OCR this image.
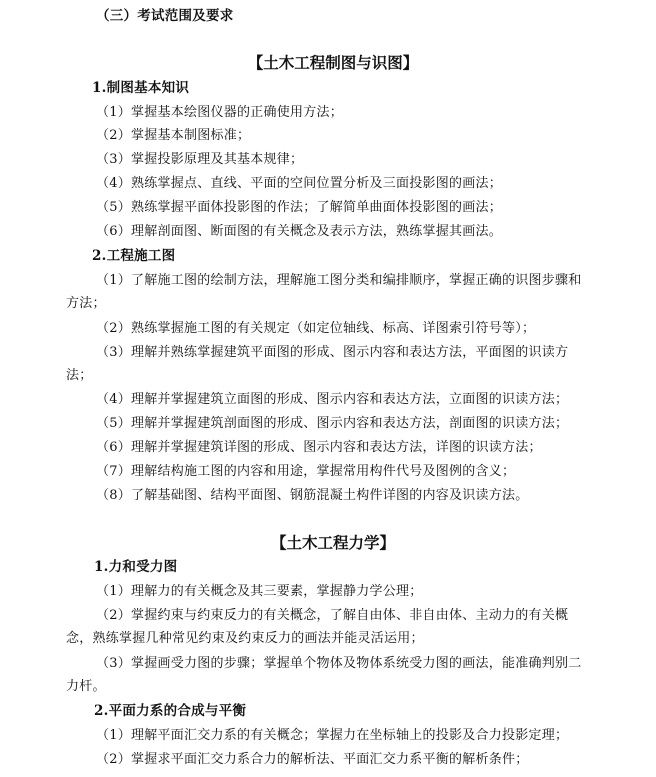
（三）考试范围及要求
【土木工程制图与识图】
1.制图基本知识
（1）掌握基本绘图仪器的正确使用方法；
（2）掌握基本制图标准；
（3）掌握投影原理及其基本规律；
（4）熟练掌握点、直线、平面的空间位置分析及三面投影图的画法；
（5）熟练掌握平面体投影图的作法；了解简单曲面体投影图的画法；
（6）理解剖面图、断面图的有关概念及表示方法，熟练掌握其画法。
2.工程施工图
（1）了解施工图的绘制方法，理解施工图分类和编排顺序，掌握正确的识图步骤和
方法；
（2）熟练掌握施工图的有关规定（如定位轴线、标高、详图索引符号等）；
（3）理解并熟练掌握建筑平面图的形成、图示内容和表达方法，平面图的识读方
法；
（4）理解并掌握建筑立面图的形成、图示内容和表达方法，立面图的识读方法；
（5）理解并掌握建筑剖面图的形成、图示内容和表达方法，剖面图的识读方法；
（6）理解并掌握建筑详图的形成、图示内容和表达方法，详图的识读方法；
（7）理解结构施工图的内容和用途，掌握常用构件代号及图例的含义；
（8）了解基础图、结构平面图、钢筋混凝土构件详图的内容及识读方法。
【土木工程力学】
1.力和受力图
（1）理解力的有关概念及其三要素，掌握静力学公理；
（2）掌握约束与约束反力的有关概念，了解自由体、非自由体、主动力的有关概
念，熟练掌握几种常见约束及约束反力的画法并能灵活运用；
（3）掌握画受力图的步骤；掌握单个物体及物体系统受力图的画法，能准确判别二
力杆。
2.平面力系的合成与平衡
（1）理解平面汇交力系的有关概念；掌握力在坐标轴上的投影及合力投影定理；
（2）掌握求平面汇交力系合力的解析法、平面汇交力系平衡的解析条件；
